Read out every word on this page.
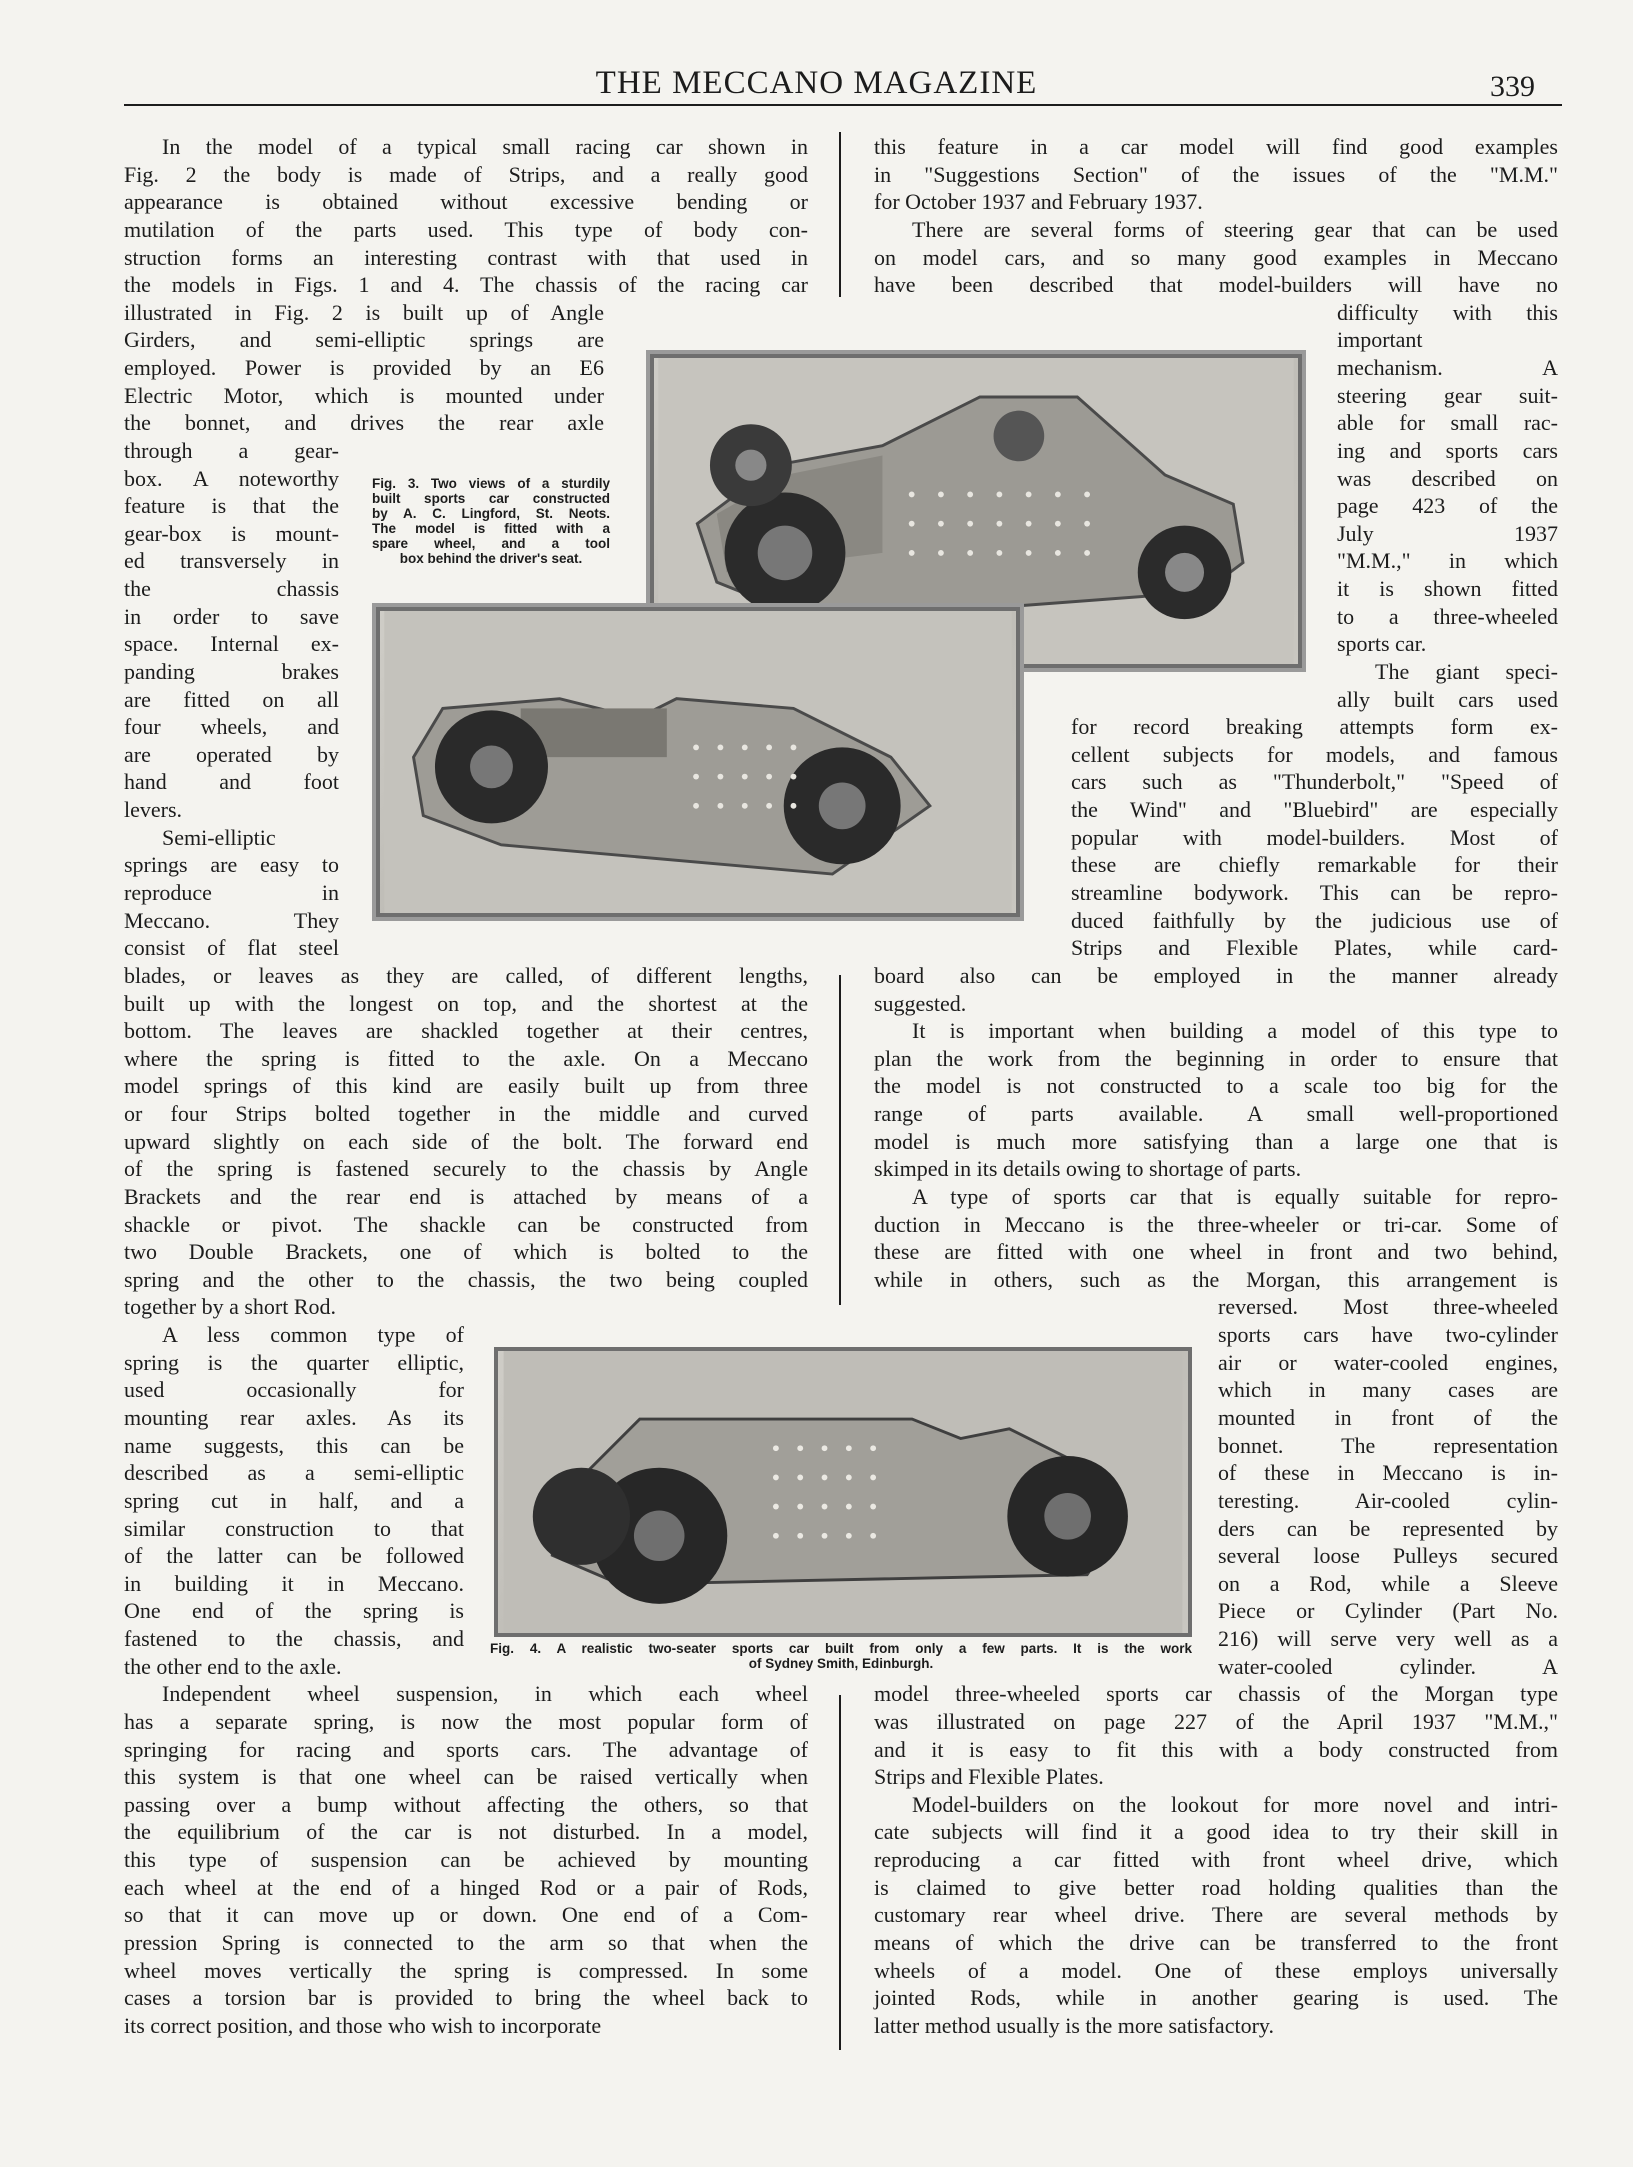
THE MECCANO MAGAZINE	339
Fig. 3. Two views of a sturdily
built sports car constructed
by A. C. Lingford, St. Neots.
The model is fitted with a
spare wheel, and a tool
box behind the driver's seat.
Fig. 4. A realistic two-seater sports car built from only a few parts. It is the work
of Sydney Smith, Edinburgh.
In the model of a typical small racing car shown in
Fig. 2 the body is made of Strips, and a really good
appearance is obtained without excessive bending or
mutilation of the parts used. This type of body con-
struction forms an interesting contrast with that used in
the models in Figs. 1 and 4. The chassis of the racing car
illustrated in Fig. 2 is built up of Angle
Girders, and semi-elliptic springs are
employed. Power is provided by an E6
Electric Motor, which is mounted under
the bonnet, and drives the rear axle
through a gear-
box. A noteworthy
feature is that the
gear-box is mount-
ed transversely in
the chassis
in order to save
space. Internal ex-
panding brakes
are fitted on all
four wheels, and
are operated by
hand and foot
levers.
Semi-elliptic
springs are easy to
reproduce in
Meccano. They
consist of flat steel
blades, or leaves as they are called, of different lengths,
built up with the longest on top, and the shortest at the
bottom. The leaves are shackled together at their centres,
where the spring is fitted to the axle. On a Meccano
model springs of this kind are easily built up from three
or four Strips bolted together in the middle and curved
upward slightly on each side of the bolt. The forward end
of the spring is fastened securely to the chassis by Angle
Brackets and the rear end is attached by means of a
shackle or pivot. The shackle can be constructed from
two Double Brackets, one of which is bolted to the
spring and the other to the chassis, the two being coupled
together by a short Rod.
A less common type of
spring is the quarter elliptic,
used occasionally for
mounting rear axles. As its
name suggests, this can be
described as a semi-elliptic
spring cut in half, and a
similar construction to that
of the latter can be followed
in building it in Meccano.
One end of the spring is
fastened to the chassis, and
the other end to the axle.
Independent wheel suspension, in which each wheel
has a separate spring, is now the most popular form of
springing for racing and sports cars. The advantage of
this system is that one wheel can be raised vertically when
passing over a bump without affecting the others, so that
the equilibrium of the car is not disturbed. In a model,
this type of suspension can be achieved by mounting
each wheel at the end of a hinged Rod or a pair of Rods,
so that it can move up or down. One end of a Com-
pression Spring is connected to the arm so that when the
wheel moves vertically the spring is compressed. In some
cases a torsion bar is provided to bring the wheel back to
its correct position, and those who wish to incorporate
this feature in a car model will find good examples
in "Suggestions Section" of the issues of the "M.M."
for October 1937 and February 1937.
There are several forms of steering gear that can be used
on model cars, and so many good examples in Meccano
have been described that model-builders will have no
difficulty with this
important
mechanism. A
steering gear suit-
able for small rac-
ing and sports cars
was described on
page 423 of the
July 1937
"M.M.," in which
it is shown fitted
to a three-wheeled
sports car.
The giant speci-
ally built cars used
for record breaking attempts form ex-
cellent subjects for models, and famous
cars such as "Thunderbolt," "Speed of
the Wind" and "Bluebird" are especially
popular with model-builders. Most of
these are chiefly remarkable for their
streamline bodywork. This can be repro-
duced faithfully by the judicious use of
Strips and Flexible Plates, while card-
board also can be employed in the manner already
suggested.
It is important when building a model of this type to
plan the work from the beginning in order to ensure that
the model is not constructed to a scale too big for the
range of parts available. A small well-proportioned
model is much more satisfying than a large one that is
skimped in its details owing to shortage of parts.
A type of sports car that is equally suitable for repro-
duction in Meccano is the three-wheeler or tri-car. Some of
these are fitted with one wheel in front and two behind,
while in others, such as the Morgan, this arrangement is
reversed. Most three-wheeled
sports cars have two-cylinder
air or water-cooled engines,
which in many cases are
mounted in front of the
bonnet. The representation
of these in Meccano is in-
teresting. Air-cooled cylin-
ders can be represented by
several loose Pulleys secured
on a Rod, while a Sleeve
Piece or Cylinder (Part No.
216) will serve very well as a
water-cooled cylinder. A
model three-wheeled sports car chassis of the Morgan type
was illustrated on page 227 of the April 1937 "M.M.,"
and it is easy to fit this with a body constructed from
Strips and Flexible Plates.
Model-builders on the lookout for more novel and intri-
cate subjects will find it a good idea to try their skill in
reproducing a car fitted with front wheel drive, which
is claimed to give better road holding qualities than the
customary rear wheel drive. There are several methods by
means of which the drive can be transferred to the front
wheels of a model. One of these employs universally
jointed Rods, while in another gearing is used. The
latter method usually is the more satisfactory.
